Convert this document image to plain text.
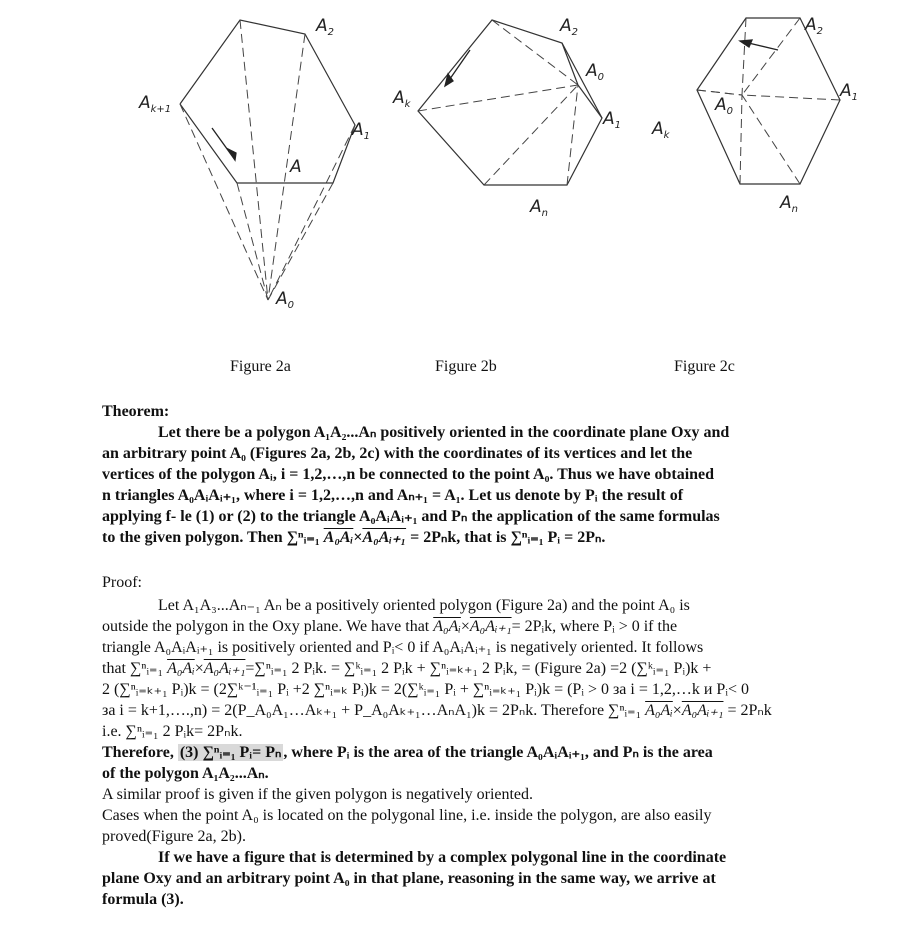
$A_2$
$A_{k+1}$
$A_1$
A
$A_0$
$A_2$
$A_0$
$A_k$
$A_1$
$A_n$
$A_2$
$A_1$
$A_0$
$A_k$
$A_n$
Figure 2a	Figure 2b	Figure 2c

Theorem:

Let there be a polygon A₁A₂...Aₙ positively oriented in the coordinate plane Oxy and

an arbitrary point A₀ (Figures 2a, 2b, 2c) with the coordinates of its vertices and let the

vertices of the polygon Aᵢ, i = 1,2,…,n be connected to the point A₀. Thus we have obtained

n triangles A₀AᵢAᵢ₊₁, where i = 1,2,…,n and Aₙ₊₁ = A₁. Let us denote by Pᵢ the result of

applying f- le (1) or (2) to the triangle A₀AᵢAᵢ₊₁ and Pₙ the application of the same formulas

to the given polygon. Then ∑ⁿᵢ₌₁ A₀Aᵢ×A₀Aᵢ₊₁ = 2Pₙk, that is ∑ⁿᵢ₌₁ Pᵢ = 2Pₙ.

Proof:

Let A₁A₃...Aₙ₋₁ Aₙ be a positively oriented polygon (Figure 2a) and the point A₀ is

outside the polygon in the Oxy plane. We have that A₀Aᵢ×A₀Aᵢ₊₁= 2Pᵢk, where Pᵢ > 0 if the

triangle A₀AᵢAᵢ₊₁ is positively oriented and Pᵢ< 0 if A₀AᵢAᵢ₊₁ is negatively oriented. It follows

that ∑ⁿᵢ₌₁ A₀Aᵢ×A₀Aᵢ₊₁=∑ⁿᵢ₌₁ 2 Pᵢk. = ∑ᵏᵢ₌₁ 2 Pᵢk + ∑ⁿᵢ₌ₖ₊₁ 2 Pᵢk, = (Figure 2a) =2 (∑ᵏᵢ₌₁ Pᵢ)k +

2 (∑ⁿᵢ₌ₖ₊₁ Pᵢ)k = (2∑ᵏ⁻¹ᵢ₌₁ Pᵢ +2 ∑ⁿᵢ₌ₖ Pᵢ)k = 2(∑ᵏᵢ₌₁ Pᵢ + ∑ⁿᵢ₌ₖ₊₁ Pᵢ)k = (Pᵢ > 0 за i = 1,2,…k и Pᵢ< 0

за i = k+1,….,n) = 2(P_A₀A₁…Aₖ₊₁ + P_A₀Aₖ₊₁…AₙA₁)k = 2Pₙk. Therefore ∑ⁿᵢ₌₁ A₀Aᵢ×A₀Aᵢ₊₁ = 2Pₙk

i.e. ∑ⁿᵢ₌₁ 2 Pᵢk= 2Pₙk.

Therefore, (3) ∑ⁿᵢ₌₁ Pᵢ= Pₙ , where Pᵢ is the area of the triangle A₀AᵢAᵢ₊₁, and Pₙ is the area

of the polygon A₁A₂...Aₙ.

A similar proof is given if the given polygon is negatively oriented.

Cases when the point A₀ is located on the polygonal line, i.e. inside the polygon, are also easily

proved(Figure 2a, 2b).

If we have a figure that is determined by a complex polygonal line in the coordinate

plane Oxy and an arbitrary point A₀ in that plane, reasoning in the same way, we arrive at

formula (3).
